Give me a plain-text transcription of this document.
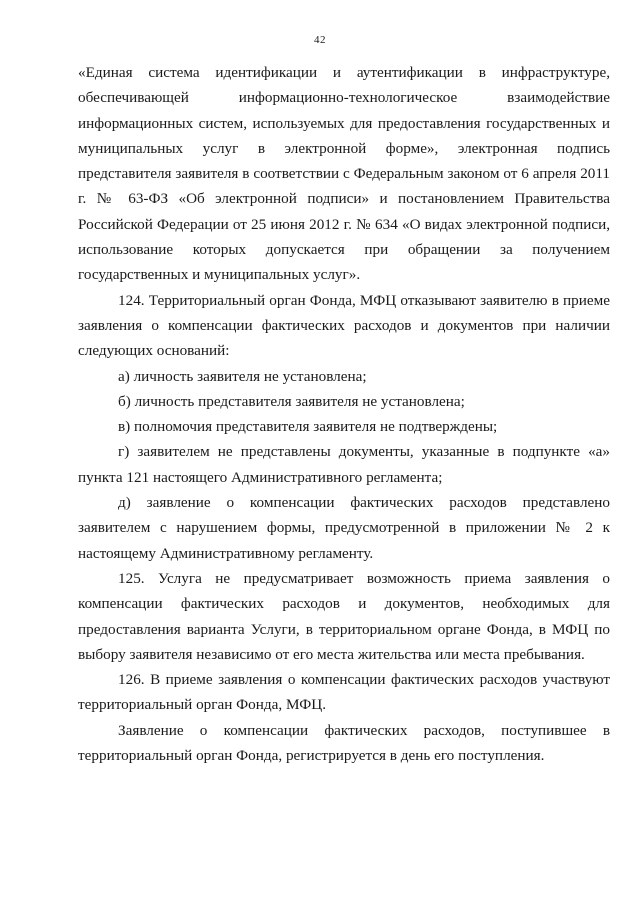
42

«Единая система идентификации и аутентификации в инфраструктуре, обеспечивающей информационно-технологическое взаимодействие информационных систем, используемых для предоставления государственных и муниципальных услуг в электронной форме», электронная подпись представителя заявителя в соответствии с Федеральным законом от 6 апреля 2011 г. № 63-ФЗ «Об электронной подписи» и постановлением Правительства Российской Федерации от 25 июня 2012 г. № 634 «О видах электронной подписи, использование которых допускается при обращении за получением государственных и муниципальных услуг».

124. Территориальный орган Фонда, МФЦ отказывают заявителю в приеме заявления о компенсации фактических расходов и документов при наличии следующих оснований:

а) личность заявителя не установлена;

б) личность представителя заявителя не установлена;

в) полномочия представителя заявителя не подтверждены;

г) заявителем не представлены документы, указанные в подпункте «а» пункта 121 настоящего Административного регламента;

д) заявление о компенсации фактических расходов представлено заявителем с нарушением формы, предусмотренной в приложении № 2 к настоящему Административному регламенту.

125. Услуга не предусматривает возможность приема заявления о компенсации фактических расходов и документов, необходимых для предоставления варианта Услуги, в территориальном органе Фонда, в МФЦ по выбору заявителя независимо от его места жительства или места пребывания.

126. В приеме заявления о компенсации фактических расходов участвуют территориальный орган Фонда, МФЦ.

Заявление о компенсации фактических расходов, поступившее в территориальный орган Фонда, регистрируется в день его поступления.
